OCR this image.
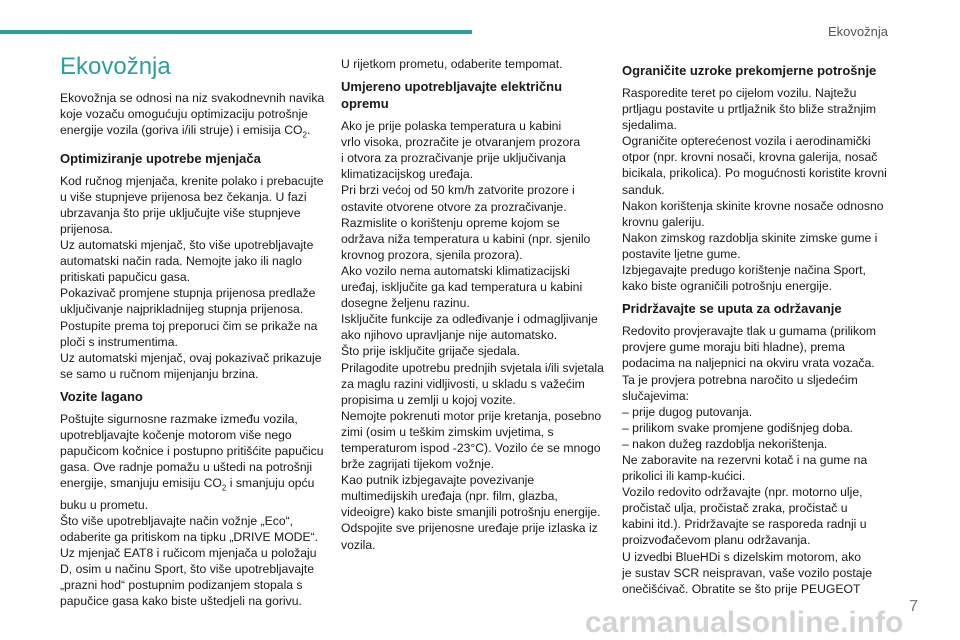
Ekovožnja
Ekovožnja
Ekovožnja se odnosi na niz svakodnevnih navika
koje vozaču omogućuju optimizaciju potrošnje
energije vozila (goriva i/ili struje) i emisija $CO_2$.
Optimiziranje upotrebe mjenjača
Kod ručnog mjenjača, krenite polako i prebacujte
u više stupnjeve prijenosa bez čekanja. U fazi
ubrzavanja što prije uključujte više stupnjeve
prijenosa.
Uz automatski mjenjač, što više upotrebljavajte
automatski način rada. Nemojte jako ili naglo
pritiskati papučicu gasa.
Pokazivač promjene stupnja prijenosa predlaže
uključivanje najprikladnijeg stupnja prijenosa.
Postupite prema toj preporuci čim se prikaže na
ploči s instrumentima.
Uz automatski mjenjač, ovaj pokazivač prikazuje
se samo u ručnom mijenjanju brzina.
Vozite lagano
Poštujte sigurnosne razmake između vozila,
upotrebljavajte kočenje motorom više nego
papučicom kočnice i postupno pritišćite papučicu
gasa. Ove radnje pomažu u uštedi na potrošnji
energije, smanjuju emisiju $CO_2$ i smanjuju opću
buku u prometu.
Što više upotrebljavajte način vožnje „Eco“,
odaberite ga pritiskom na tipku „DRIVE MODE“.
Uz mjenjač EAT8 i ručicom mjenjača u položaju
D, osim u načinu Sport, što više upotrebljavajte
„prazni hod“ postupnim podizanjem stopala s
papučice gasa kako biste uštedjeli na gorivu.
U rijetkom prometu, odaberite tempomat.
Umjereno upotrebljavajte električnu
opremu
Ako je prije polaska temperatura u kabini
vrlo visoka, prozračite je otvaranjem prozora
i otvora za prozračivanje prije uključivanja
klimatizacijskog uređaja.
Pri brzi većoj od 50 km/h zatvorite prozore i
ostavite otvorene otvore za prozračivanje.
Razmislite o korištenju opreme kojom se
održava niža temperatura u kabini (npr. sjenilo
krovnog prozora, sjenila prozora).
Ako vozilo nema automatski klimatizacijski
uređaj, isključite ga kad temperatura u kabini
dosegne željenu razinu.
Isključite funkcije za odleđivanje i odmagljivanje
ako njihovo upravljanje nije automatsko.
Što prije isključite grijače sjedala.
Prilagodite upotrebu prednjih svjetala i/ili svjetala
za maglu razini vidljivosti, u skladu s važećim
propisima u zemlji u kojoj vozite.
Nemojte pokrenuti motor prije kretanja, posebno
zimi (osim u teškim zimskim uvjetima, s
temperaturom ispod -23°C). Vozilo će se mnogo
brže zagrijati tijekom vožnje.
Kao putnik izbjegavajte povezivanje
multimedijskih uređaja (npr. film, glazba,
videoigre) kako biste smanjili potrošnju energije.
Odspojite sve prijenosne uređaje prije izlaska iz
vozila.
Ograničite uzroke prekomjerne potrošnje
Rasporedite teret po cijelom vozilu. Najtežu
prtljagu postavite u prtljažnik što bliže stražnjim
sjedalima.
Ograničite opterećenost vozila i aerodinamički
otpor (npr. krovni nosači, krovna galerija, nosač
bicikala, prikolica). Po mogućnosti koristite krovni
sanduk.
Nakon korištenja skinite krovne nosače odnosno
krovnu galeriju.
Nakon zimskog razdoblja skinite zimske gume i
postavite ljetne gume.
Izbjegavajte predugo korištenje načina Sport,
kako biste ograničili potrošnju energije.
Pridržavajte se uputa za održavanje
Redovito provjeravajte tlak u gumama (prilikom
provjere gume moraju biti hladne), prema
podacima na naljepnici na okviru vrata vozača.
Ta je provjera potrebna naročito u sljedećim
slučajevima:
– prije dugog putovanja.
– prilikom svake promjene godišnjeg doba.
– nakon dužeg razdoblja nekorištenja.
Ne zaboravite na rezervni kotač i na gume na
prikolici ili kamp-kućici.
Vozilo redovito održavajte (npr. motorno ulje,
pročistač ulja, pročistač zraka, pročistač u
kabini itd.). Pridržavajte se rasporeda radnji u
proizvođačevom planu održavanja.
U izvedbi BlueHDi s dizelskim motorom, ako
je sustav SCR neispravan, vaše vozilo postaje
onečišćivač. Obratite se što prije PEUGEOT
carmanualsonline.info 7
